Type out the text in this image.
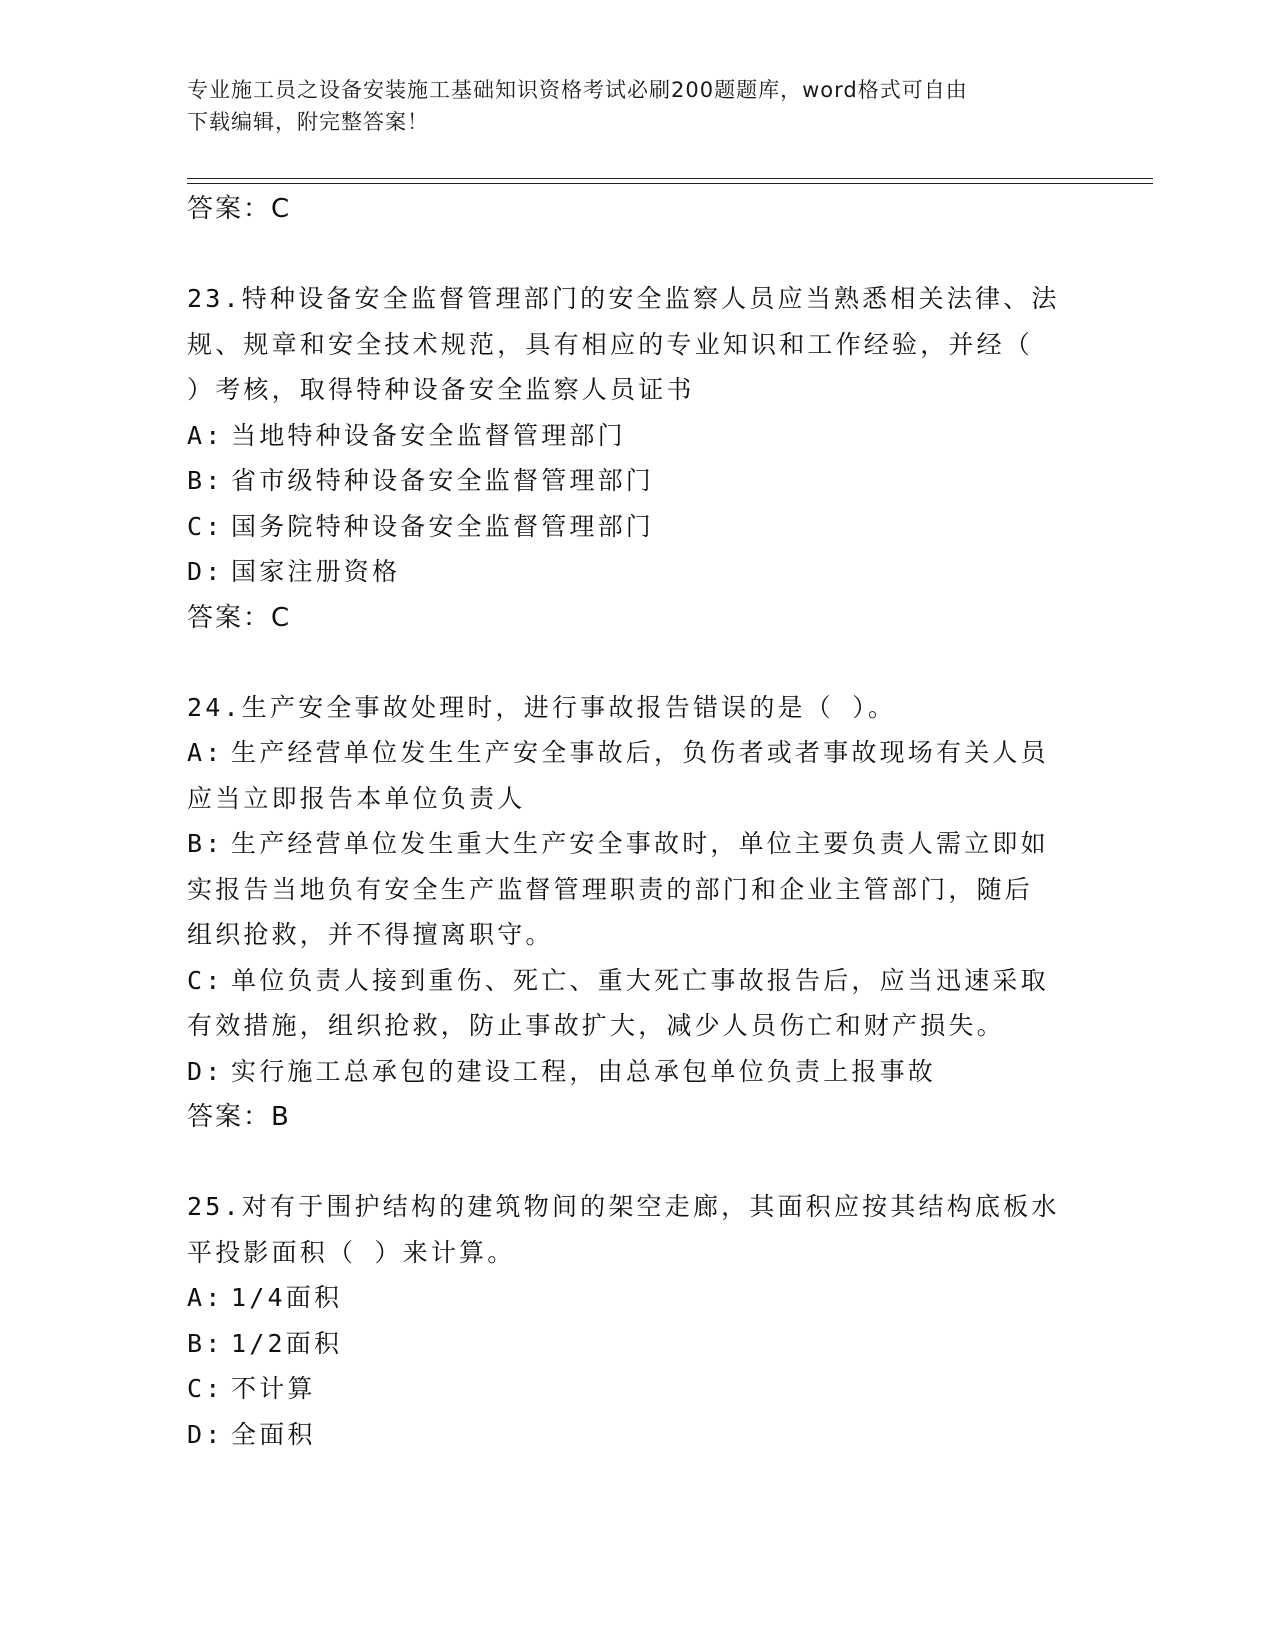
专业施工员之设备安装施工基础知识资格考试必刷200题题库，word格式可自由
下载编辑，附完整答案！
答案：C
23.特种设备安全监督管理部门的安全监察人员应当熟悉相关法律、法
规、规章和安全技术规范，具有相应的专业知识和工作经验，并经（
）考核，取得特种设备安全监察人员证书
A: 当地特种设备安全监督管理部门
B: 省市级特种设备安全监督管理部门
C: 国务院特种设备安全监督管理部门
D: 国家注册资格
答案：C
24.生产安全事故处理时，进行事故报告错误的是（ ）。
A: 生产经营单位发生生产安全事故后，负伤者或者事故现场有关人员
应当立即报告本单位负责人
B: 生产经营单位发生重大生产安全事故时，单位主要负责人需立即如
实报告当地负有安全生产监督管理职责的部门和企业主管部门，随后
组织抢救，并不得擅离职守。
C: 单位负责人接到重伤、死亡、重大死亡事故报告后，应当迅速采取
有效措施，组织抢救，防止事故扩大，减少人员伤亡和财产损失。
D: 实行施工总承包的建设工程，由总承包单位负责上报事故
答案：B
25.对有于围护结构的建筑物间的架空走廊，其面积应按其结构底板水
平投影面积（ ）来计算。
A: 1/4面积
B: 1/2面积
C: 不计算
D: 全面积
